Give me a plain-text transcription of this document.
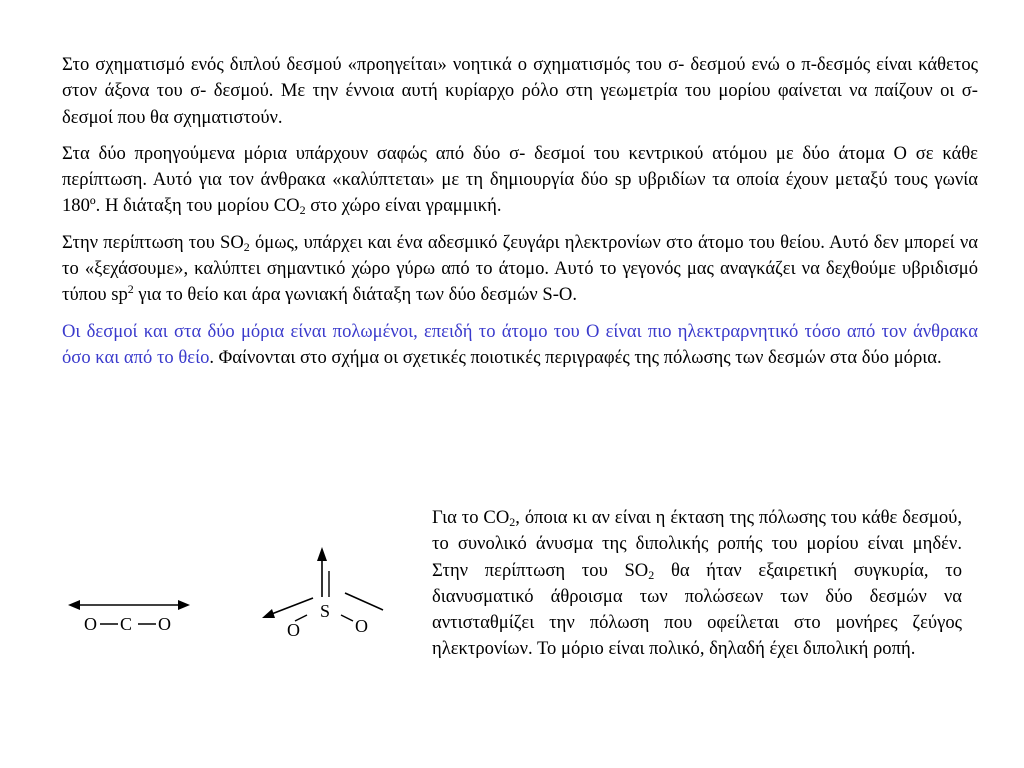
Στο σχηματισμό ενός διπλού δεσμού «προηγείται» νοητικά ο σχηματισμός του σ- δεσμού ενώ ο π-δεσμός είναι κάθετος στον άξονα του σ- δεσμού. Με την έννοια αυτή κυρίαρχο ρόλο στη γεωμετρία του μορίου φαίνεται να παίζουν οι σ- δεσμοί που θα σχηματιστούν.

Στα δύο προηγούμενα μόρια υπάρχουν σαφώς από δύο σ- δεσμοί του κεντρικού ατόμου με δύο άτομα Ο σε κάθε περίπτωση. Αυτό για τον άνθρακα «καλύπτεται» με τη δημιουργία δύο sp υβριδίων τα οποία έχουν μεταξύ τους γωνία 180º. Η διάταξη του μορίου $CO_2$ στο χώρο είναι γραμμική.

Στην περίπτωση του $SO_2$ όμως, υπάρχει και ένα αδεσμικό ζευγάρι ηλεκτρονίων στο άτομο του θείου. Αυτό δεν μπορεί να το «ξεχάσουμε», καλύπτει σημαντικό χώρο γύρω από το άτομο. Αυτό το γεγονός μας αναγκάζει να δεχθούμε υβριδισμό τύπου $sp^2$ για το θείο και άρα γωνιακή διάταξη των δύο δεσμών S-O.

Οι δεσμοί και στα δύο μόρια είναι πολωμένοι, επειδή το άτομο του Ο είναι πιο ηλεκτραρνητικό τόσο από τον άνθρακα όσο και από το θείο. Φαίνονται στο σχήμα οι σχετικές ποιοτικές περιγραφές της πόλωσης των δεσμών στα δύο μόρια.

O C O
S
O	O

Για το $CO_2$, όποια κι αν είναι η έκταση της πόλωσης του κάθε δεσμού, το συνολικό άνυσμα της διπολικής ροπής του μορίου είναι μηδέν. Στην περίπτωση του $SO_2$ θα ήταν εξαιρετική συγκυρία, το διανυσματικό άθροισμα των πολώσεων των δύο δεσμών να αντισταθμίζει την πόλωση που οφείλεται στο μονήρες ζεύγος ηλεκτρονίων. Το μόριο είναι πολικό, δηλαδή έχει διπολική ροπή.
